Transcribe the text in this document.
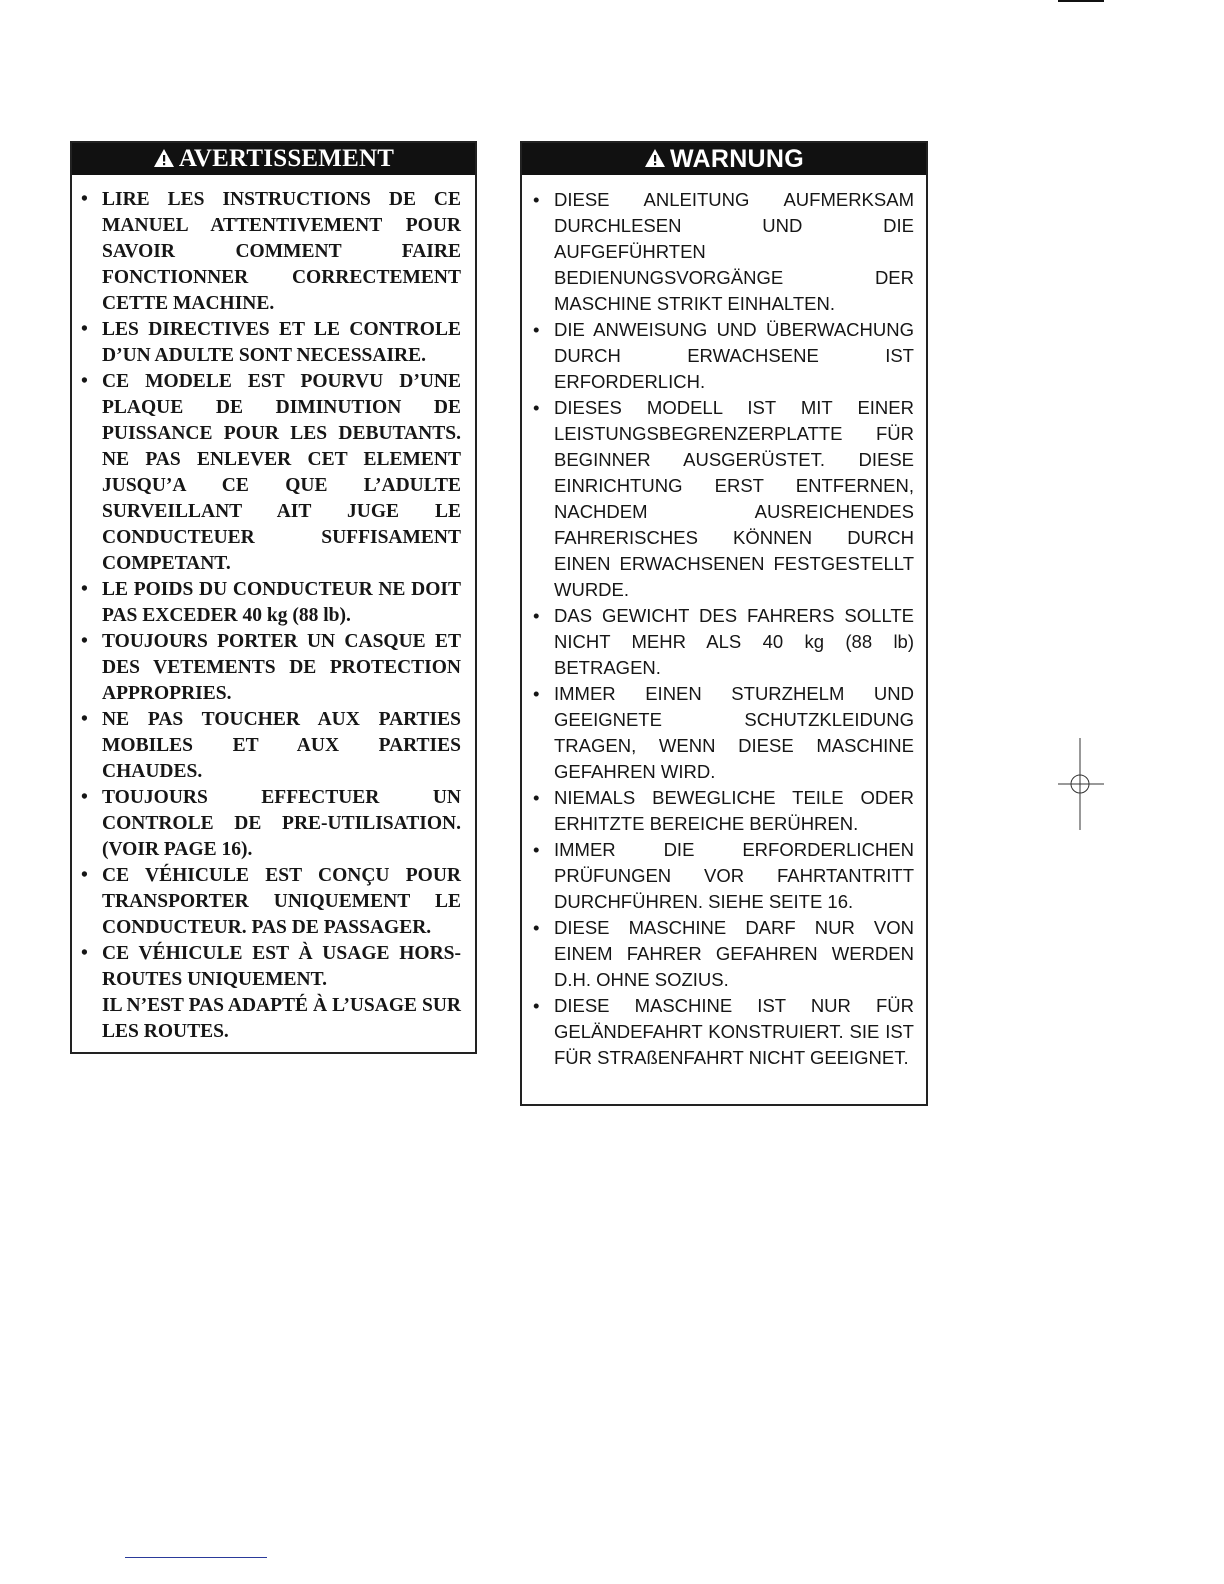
AVERTISSEMENT
• LIRE LES INSTRUCTIONS DE CE MANUEL ATTENTIVEMENT POUR SAVOIR COMMENT FAIRE FONCTIONNER CORRECTEMENT CETTE MACHINE.
• LES DIRECTIVES ET LE CONTROLE D’UN ADULTE SONT NECESSAIRE.
• CE MODELE EST POURVU D’UNE PLAQUE DE DIMINUTION DE PUISSANCE POUR LES DEBUTANTS. NE PAS ENLEVER CET ELEMENT JUSQU’A CE QUE L’ADULTE SURVEILLANT AIT JUGE LE CONDUCTEUER SUFFISAMENT COMPETANT.
• LE POIDS DU CONDUCTEUR NE DOIT PAS EXCEDER 40 kg (88 lb).
• TOUJOURS PORTER UN CASQUE ET DES VETEMENTS DE PROTECTION APPROPRIES.
• NE PAS TOUCHER AUX PARTIES MOBILES ET AUX PARTIES CHAUDES.
• TOUJOURS EFFECTUER UN CONTROLE DE PRE-UTILISATION. (VOIR PAGE 16).
• CE VÉHICULE EST CONÇU POUR TRANSPORTER UNIQUEMENT LE CONDUCTEUR. PAS DE PASSAGER.
• CE VÉHICULE EST À USAGE HORS-ROUTES UNIQUEMENT.
IL N’EST PAS ADAPTÉ À L’USAGE SUR LES ROUTES.
WARNUNG
• DIESE ANLEITUNG AUFMERKSAM DURCHLESEN UND DIE AUFGEFÜHRTEN BEDIENUNGSVORGÄNGE DER MASCHINE STRIKT EINHALTEN.
• DIE ANWEISUNG UND ÜBERWACHUNG DURCH ERWACHSENE IST ERFORDERLICH.
• DIESES MODELL IST MIT EINER LEISTUNGSBEGRENZERPLATTE FÜR BEGINNER AUSGERÜSTET. DIESE EINRICHTUNG ERST ENTFERNEN, NACHDEM AUSREICHENDES FAHRERISCHES KÖNNEN DURCH EINEN ERWACHSENEN FESTGESTELLT WURDE.
• DAS GEWICHT DES FAHRERS SOLLTE NICHT MEHR ALS 40 kg (88 lb) BETRAGEN.
• IMMER EINEN STURZHELM UND GEEIGNETE SCHUTZKLEIDUNG TRAGEN, WENN DIESE MASCHINE GEFAHREN WIRD.
• NIEMALS BEWEGLICHE TEILE ODER ERHITZTE BEREICHE BERÜHREN.
• IMMER DIE ERFORDERLICHEN PRÜFUNGEN VOR FAHRTANTRITT DURCHFÜHREN. SIEHE SEITE 16.
• DIESE MASCHINE DARF NUR VON EINEM FAHRER GEFAHREN WERDEN D.H. OHNE SOZIUS.
• DIESE MASCHINE IST NUR FÜR GELÄNDEFAHRT KONSTRUIERT. SIE IST FÜR STRAßENFAHRT NICHT GEEIGNET.
